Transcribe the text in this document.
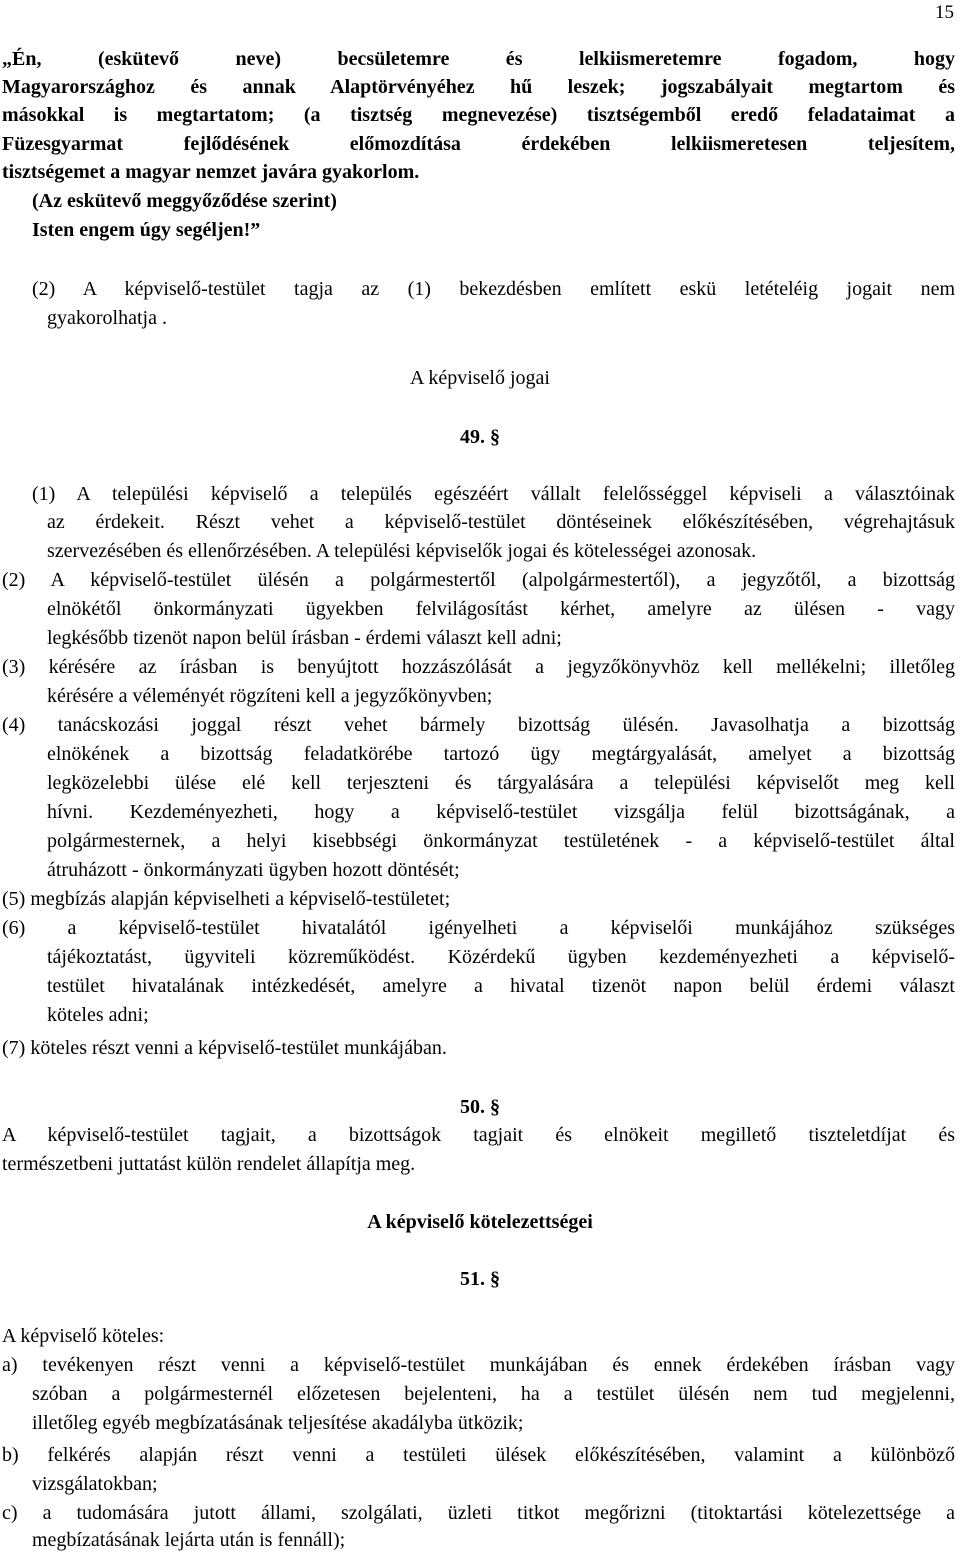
15
„Én, (eskütevő neve) becsületemre és lelkiismeretemre fogadom, hogy
Magyarországhoz és annak Alaptörvényéhez hű leszek; jogszabályait megtartom és
másokkal is megtartatom; (a tisztség megnevezése) tisztségemből eredő feladataimat a
Füzesgyarmat fejlődésének előmozdítása érdekében lelkiismeretesen teljesítem,
tisztségemet a magyar nemzet javára gyakorlom.
(Az eskütevő meggyőződése szerint)
Isten engem úgy segéljen!”
(2) A képviselő-testület tagja az (1) bekezdésben említett eskü letételéig jogait nem
gyakorolhatja .
A képviselő jogai
49. §
(1) A települési képviselő a település egészéért vállalt felelősséggel képviseli a választóinak
az érdekeit. Részt vehet a képviselő-testület döntéseinek előkészítésében, végrehajtásuk
szervezésében és ellenőrzésében. A települési képviselők jogai és kötelességei azonosak.
(2) A képviselő-testület ülésén a polgármestertől (alpolgármestertől), a jegyzőtől, a bizottság
elnökétől önkormányzati ügyekben felvilágosítást kérhet, amelyre az ülésen - vagy
legkésőbb tizenöt napon belül írásban - érdemi választ kell adni;
(3) kérésére az írásban is benyújtott hozzászólását a jegyzőkönyvhöz kell mellékelni; illetőleg
kérésére a véleményét rögzíteni kell a jegyzőkönyvben;
(4) tanácskozási joggal részt vehet bármely bizottság ülésén. Javasolhatja a bizottság
elnökének a bizottság feladatkörébe tartozó ügy megtárgyalását, amelyet a bizottság
legközelebbi ülése elé kell terjeszteni és tárgyalására a települési képviselőt meg kell
hívni. Kezdeményezheti, hogy a képviselő-testület vizsgálja felül bizottságának, a
polgármesternek, a helyi kisebbségi önkormányzat testületének - a képviselő-testület által
átruházott - önkormányzati ügyben hozott döntését;
(5) megbízás alapján képviselheti a képviselő-testületet;
(6) a képviselő-testület hivatalától igényelheti a képviselői munkájához szükséges
tájékoztatást, ügyviteli közreműködést. Közérdekű ügyben kezdeményezheti a képviselő-
testület hivatalának intézkedését, amelyre a hivatal tizenöt napon belül érdemi választ
köteles adni;
(7) köteles részt venni a képviselő-testület munkájában.
50. §
A képviselő-testület tagjait, a bizottságok tagjait és elnökeit megillető tiszteletdíjat és
természetbeni juttatást külön rendelet állapítja meg.
A képviselő kötelezettségei
51. §
A képviselő köteles:
a) tevékenyen részt venni a képviselő-testület munkájában és ennek érdekében írásban vagy
szóban a polgármesternél előzetesen bejelenteni, ha a testület ülésén nem tud megjelenni,
illetőleg egyéb megbízatásának teljesítése akadályba ütközik;
b) felkérés alapján részt venni a testületi ülések előkészítésében, valamint a különböző
vizsgálatokban;
c) a tudomására jutott állami, szolgálati, üzleti titkot megőrizni (titoktartási kötelezettsége a
megbízatásának lejárta után is fennáll);
